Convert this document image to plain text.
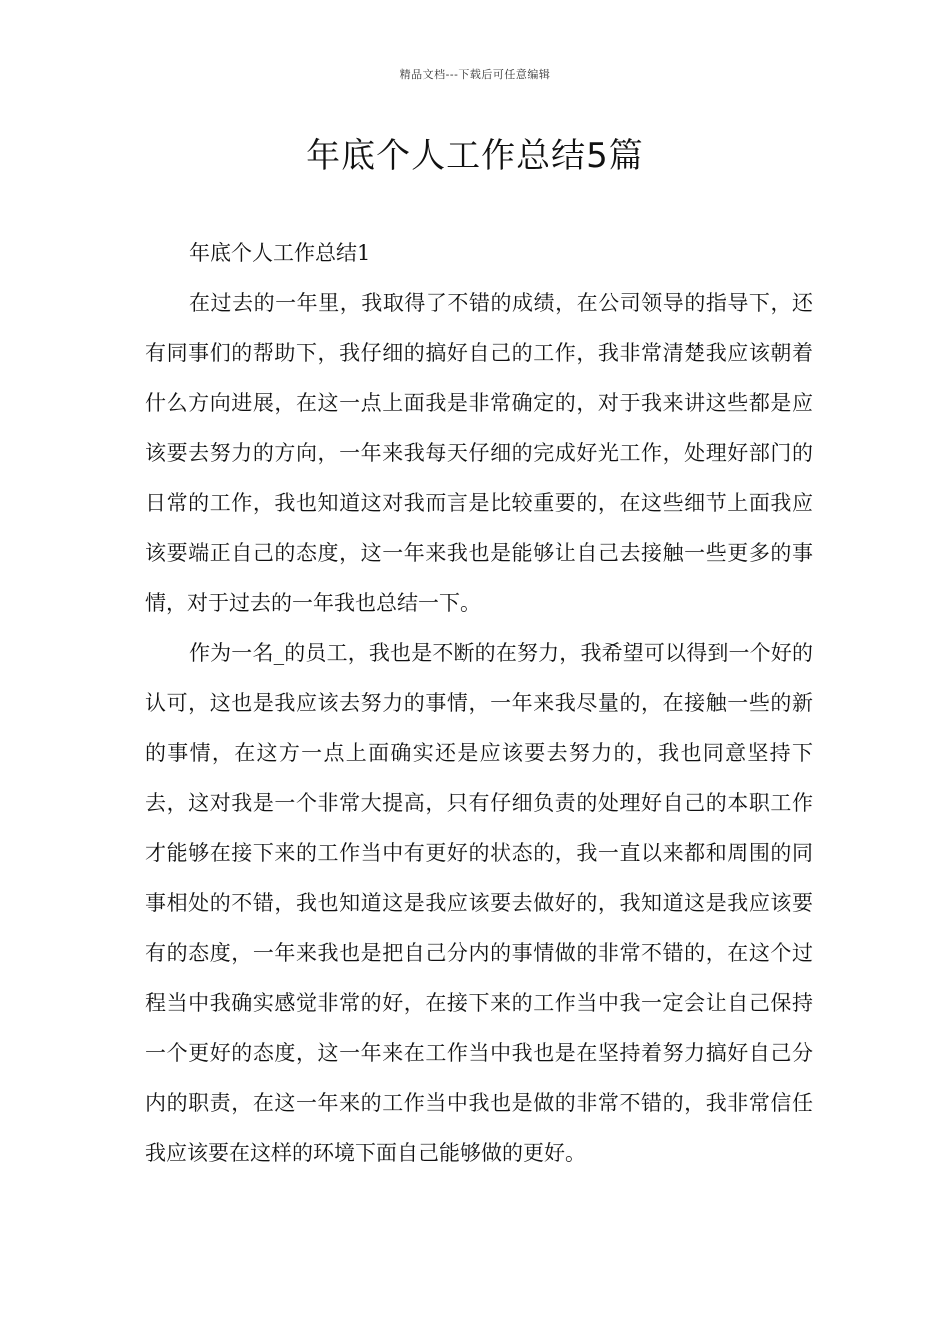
精品文档---下载后可任意编辑
年底个人工作总结5篇
年底个人工作总结1

在过去的一年里，我取得了不错的成绩，在公司领导的指导下，还有同事们的帮助下，我仔细的搞好自己的工作，我非常清楚我应该朝着什么方向进展，在这一点上面我是非常确定的，对于我来讲这些都是应该要去努力的方向，一年来我每天仔细的完成好光工作，处理好部门的日常的工作，我也知道这对我而言是比较重要的，在这些细节上面我应该要端正自己的态度，这一年来我也是能够让自己去接触一些更多的事情，对于过去的一年我也总结一下。

作为一名_的员工，我也是不断的在努力，我希望可以得到一个好的认可，这也是我应该去努力的事情，一年来我尽量的，在接触一些的新的事情，在这方一点上面确实还是应该要去努力的，我也同意坚持下去，这对我是一个非常大提高，只有仔细负责的处理好自己的本职工作才能够在接下来的工作当中有更好的状态的，我一直以来都和周围的同事相处的不错，我也知道这是我应该要去做好的，我知道这是我应该要有的态度，一年来我也是把自己分内的事情做的非常不错的，在这个过程当中我确实感觉非常的好，在接下来的工作当中我一定会让自己保持一个更好的态度，这一年来在工作当中我也是在坚持着努力搞好自己分内的职责，在这一年来的工作当中我也是做的非常不错的，我非常信任我应该要在这样的环境下面自己能够做的更好。
